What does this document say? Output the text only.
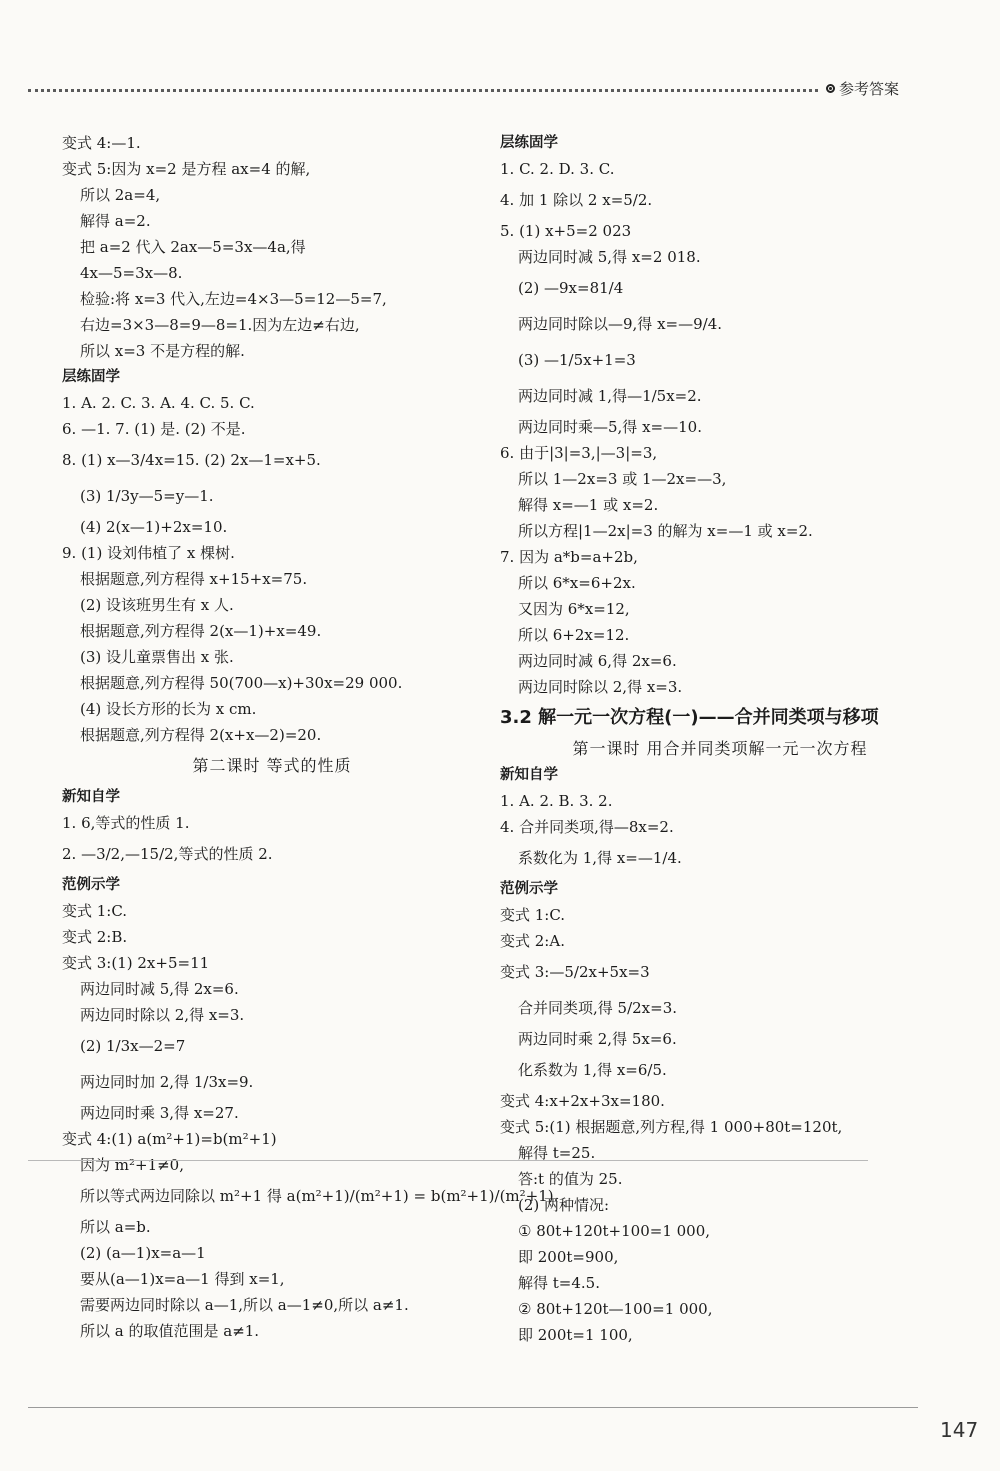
参考答案
变式 4:—1.
变式 5:因为 x=2 是方程 ax=4 的解,
所以 2a=4,
解得 a=2.
把 a=2 代入 2ax—5=3x—4a,得
4x—5=3x—8.
检验:将 x=3 代入,左边=4×3—5=12—5=7,
右边=3×3—8=9—8=1.因为左边≠右边,
所以 x=3 不是方程的解.
层练固学
1. A. 2. C. 3. A. 4. C. 5. C.
6. —1. 7. (1) 是. (2) 不是.
8. (1) x—3/4x=15. (2) 2x—1=x+5.
(3) 1/3y—5=y—1.
(4) 2(x—1)+2x=10.
9. (1) 设刘伟植了 x 棵树.
根据题意,列方程得 x+15+x=75.
(2) 设该班男生有 x 人.
根据题意,列方程得 2(x—1)+x=49.
(3) 设儿童票售出 x 张.
根据题意,列方程得 50(700—x)+30x=29 000.
(4) 设长方形的长为 x cm.
根据题意,列方程得 2(x+x—2)=20.
第二课时 等式的性质
新知自学
1. 6,等式的性质 1.
2. —3/2,—15/2,等式的性质 2.
范例示学
变式 1:C.
变式 2:B.
变式 3:(1) 2x+5=11
两边同时减 5,得 2x=6.
两边同时除以 2,得 x=3.
(2) 1/3x—2=7
两边同时加 2,得 1/3x=9.
两边同时乘 3,得 x=27.
变式 4:(1) a(m²+1)=b(m²+1)
因为 m²+1≠0,
所以等式两边同除以 m²+1 得 a(m²+1)/(m²+1) = b(m²+1)/(m²+1).
所以 a=b.
(2) (a—1)x=a—1
要从(a—1)x=a—1 得到 x=1,
需要两边同时除以 a—1,所以 a—1≠0,所以 a≠1.
所以 a 的取值范围是 a≠1.
层练固学
1. C. 2. D. 3. C.
4. 加 1 除以 2 x=5/2.
5. (1) x+5=2 023
两边同时减 5,得 x=2 018.
(2) —9x=81/4
两边同时除以—9,得 x=—9/4.
(3) —1/5x+1=3
两边同时减 1,得—1/5x=2.
两边同时乘—5,得 x=—10.
6. 由于|3|=3,|—3|=3,
所以 1—2x=3 或 1—2x=—3,
解得 x=—1 或 x=2.
所以方程|1—2x|=3 的解为 x=—1 或 x=2.
7. 因为 a*b=a+2b,
所以 6*x=6+2x.
又因为 6*x=12,
所以 6+2x=12.
两边同时减 6,得 2x=6.
两边同时除以 2,得 x=3.
3.2 解一元一次方程(一)——合并同类项与移项
第一课时 用合并同类项解一元一次方程
新知自学
1. A. 2. B. 3. 2.
4. 合并同类项,得—8x=2.
系数化为 1,得 x=—1/4.
范例示学
变式 1:C.
变式 2:A.
变式 3:—5/2x+5x=3
合并同类项,得 5/2x=3.
两边同时乘 2,得 5x=6.
化系数为 1,得 x=6/5.
变式 4:x+2x+3x=180.
变式 5:(1) 根据题意,列方程,得 1 000+80t=120t,
解得 t=25.
答:t 的值为 25.
(2) 两种情况:
① 80t+120t+100=1 000,
即 200t=900,
解得 t=4.5.
② 80t+120t—100=1 000,
即 200t=1 100,
147
